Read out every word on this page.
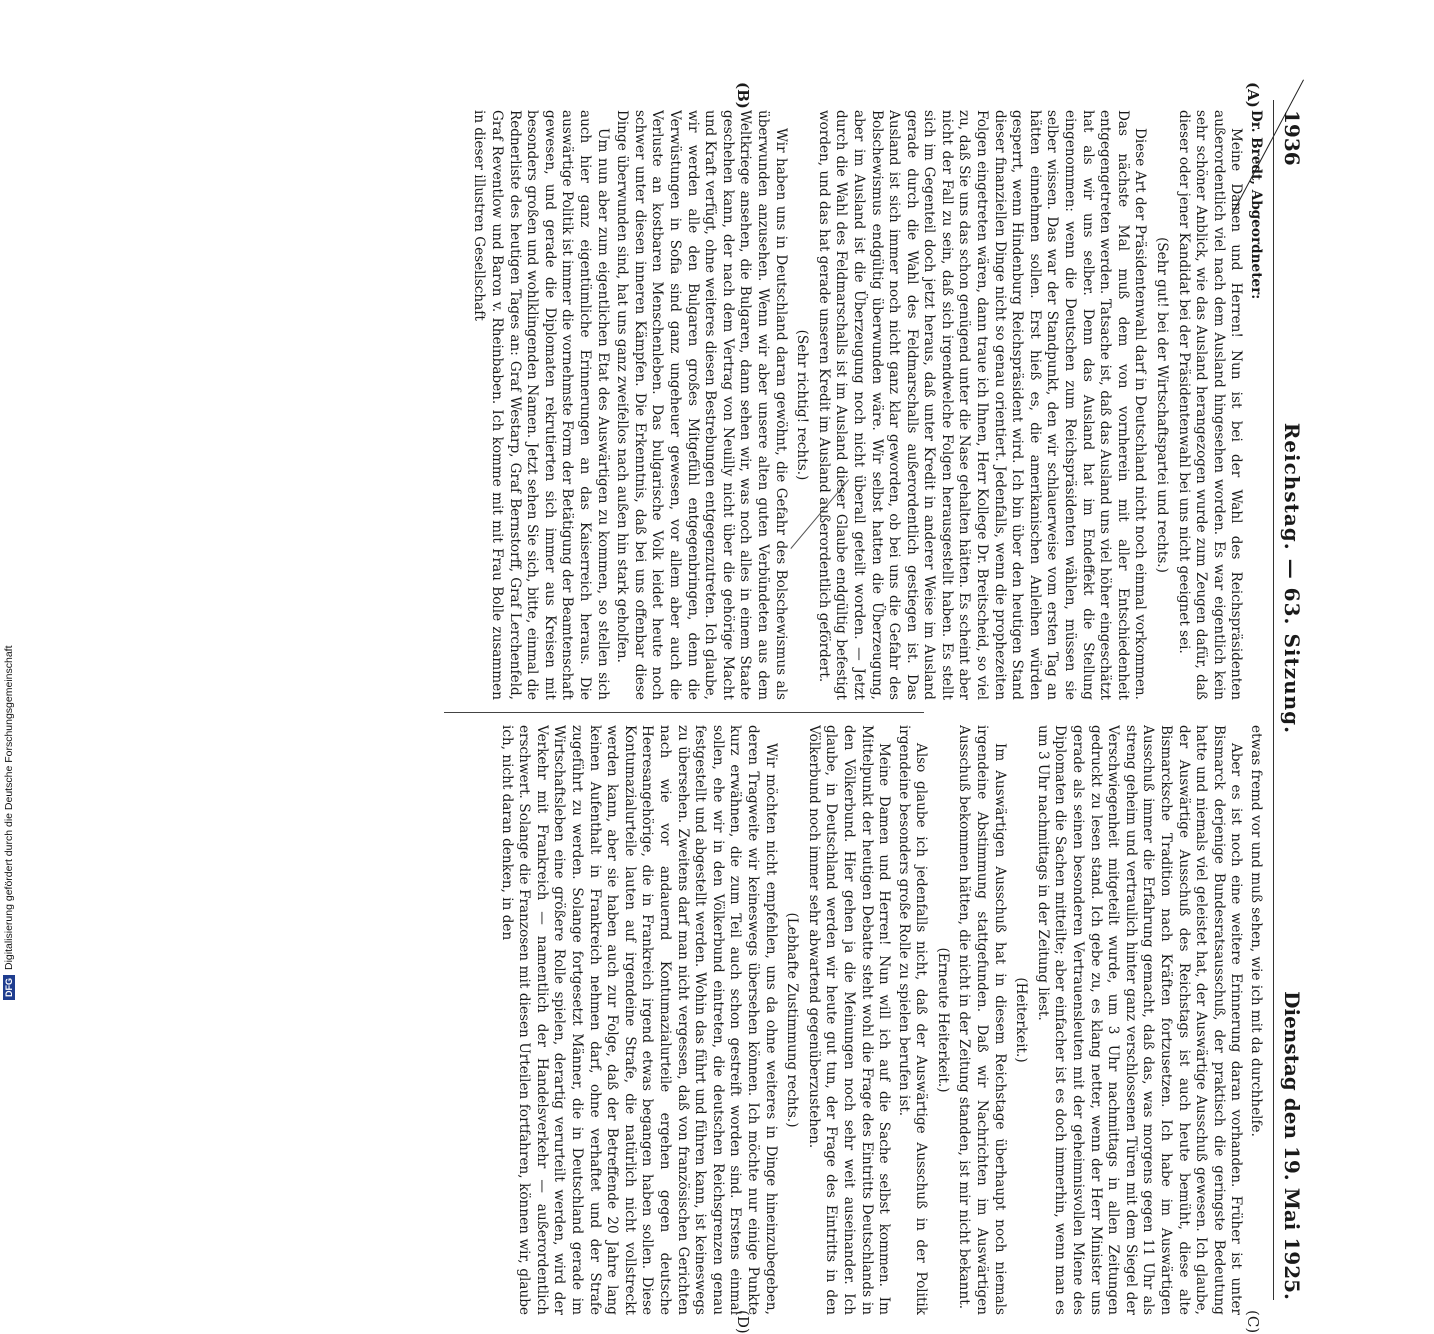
1936
Reichstag. — 63. Sitzung.
Dienstag den 19. Mai 1925.
(A)
(B)
(C)
(D)

Dr. Bredt, Abgeordneter:

Meine Damen und Herren! Nun ist bei der Wahl des Reichspräsidenten außerordentlich viel nach dem Ausland hingesehen worden. Es war eigentlich kein sehr schöner Anblick, wie das Ausland herangezogen wurde zum Zeugen dafür, daß dieser oder jener Kandidat bei der Präsidentenwahl bei uns nicht geeignet sei.

(Sehr gut! bei der Wirtschaftspartei und rechts.)

Diese Art der Präsidentenwahl darf in Deutschland nicht noch einmal vorkommen. Das nächste Mal muß dem von vornherein mit aller Entschiedenheit entgegengetreten werden. Tatsache ist, daß das Ausland uns viel höher eingeschätzt hat als wir uns selber. Denn das Ausland hat im Endeffekt die Stellung eingenommen: wenn die Deutschen zum Reichspräsidenten wählen, müssen sie selber wissen. Das war der Standpunkt, den wir schlauerweise vom ersten Tag an hätten einnehmen sollen. Erst hieß es, die amerikanischen Anleihen würden gesperrt, wenn Hindenburg Reichspräsident wird. Ich bin über den heutigen Stand dieser finanziellen Dinge nicht so genau orientiert. Jedenfalls, wenn die prophezeiten Folgen eingetreten wären, dann traue ich Ihnen, Herr Kollege Dr. Breitscheid, so viel zu, daß Sie uns das schon genügend unter die Nase gehalten hätten. Es scheint aber nicht der Fall zu sein, daß sich irgendwelche Folgen herausgestellt haben. Es stellt sich im Gegenteil doch jetzt heraus, daß unter Kredit in anderer Weise im Ausland gerade durch die Wahl des Feldmarschalls außerordentlich gestiegen ist. Das Ausland ist sich immer noch nicht ganz klar geworden, ob bei uns die Gefahr des Bolschewismus endgültig überwunden wäre. Wir selbst hatten die Überzeugung, aber im Ausland ist die Überzeugung noch nicht überall geteilt worden. — Jetzt durch die Wahl des Feldmarschalls ist im Ausland dieser Glaube endgültig befestigt worden, und das hat gerade unseren Kredit im Ausland außerordentlich gefördert.

(Sehr richtig! rechts.)

Wir haben uns in Deutschland daran gewöhnt, die Gefahr des Bolschewismus als überwunden anzusehen. Wenn wir aber unsere alten guten Verbündeten aus dem Weltkriege ansehen, die Bulgaren, dann sehen wir, was noch alles in einem Staate geschehen kann, der nach dem Vertrag von Neuilly nicht über die gehörige Macht und Kraft verfügt, ohne weiteres diesen Bestrebungen entgegenzutreten. Ich glaube, wir werden alle den Bulgaren großes Mitgefühl entgegenbringen, denn die Verwüstungen in Sofia sind ganz ungeheuer gewesen, vor allem aber auch die Verluste an kostbaren Menschenleben. Das bulgarische Volk leidet heute noch schwer unter diesen inneren Kämpfen. Die Erkenntnis, daß bei uns offenbar diese Dinge überwunden sind, hat uns ganz zweifellos nach außen hin stark geholfen.

Um nun aber zum eigentlichen Etat des Auswärtigen zu kommen, so stellen sich auch hier ganz eigentümliche Erinnerungen an das Kaiserreich heraus. Die auswärtige Politik ist immer die vornehmste Form der Betätigung der Beamtenschaft gewesen, und gerade die Diplomaten rekrutierten sich immer aus Kreisen mit besonders großen und wohlklingenden Namen. Jetzt sehen Sie sich, bitte, einmal die Rednerliste des heutigen Tages an: Graf Westarp, Graf Bernstorff, Graf Lerchenfeld, Graf Reventlow und Baron v. Rheinbaben. Ich komme mit mit Frau Bolle zusammen in dieser illustren Gesellschaft

etwas fremd vor und muß sehen, wie ich mit da durchhelfe.

Aber es ist noch eine weitere Erinnerung daran vorhanden. Früher ist unter Bismarck derjenige Bundesratsausschuß, der praktisch die geringste Bedeutung hatte und niemals viel geleistet hat, der Auswärtige Ausschuß gewesen. Ich glaube, der Auswärtige Ausschuß des Reichstags ist auch heute bemüht, diese alte Bismarcksche Tradition nach Kräften fortzusetzen. Ich habe im Auswärtigen Ausschuß immer die Erfahrung gemacht, daß das, was morgens gegen 11 Uhr als streng geheim und vertraulich hinter ganz verschlossenen Türen mit dem Siegel der Verschwiegenheit mitgeteilt wurde, um 3 Uhr nachmittags in allen Zeitungen gedruckt zu lesen stand. Ich gebe zu, es klang netter, wenn der Herr Minister uns gerade als seinen besonderen Vertrauensleuten mit der geheimnisvollen Miene des Diplomaten die Sachen mitteilte; aber einfacher ist es doch immerhin, wenn man es um 3 Uhr nachmittags in der Zeitung liest.

(Heiterkeit.)

Im Auswärtigen Ausschuß hat in diesem Reichstage überhaupt noch niemals irgendeine Abstimmung stattgefunden. Daß wir Nachrichten im Auswärtigen Ausschuß bekommen hätten, die nicht in der Zeitung standen, ist mir nicht bekannt.

(Erneute Heiterkeit.)

Also glaube ich jedenfalls nicht, daß der Auswärtige Ausschuß in der Politik irgendeine besonders große Rolle zu spielen berufen ist.

Meine Damen und Herren! Nun will ich auf die Sache selbst kommen. Im Mittelpunkt der heutigen Debatte steht wohl die Frage des Eintritts Deutschlands in den Völkerbund. Hier gehen ja die Meinungen noch sehr weit auseinander. Ich glaube, in Deutschland werden wir heute gut tun, der Frage des Eintritts in den Völkerbund noch immer sehr abwartend gegenüberzustehen.

(Lebhafte Zustimmung rechts.)

Wir möchten nicht empfehlen, uns da ohne weiteres in Dinge hineinzubegeben, deren Tragweite wir keineswegs übersehen können. Ich möchte nur einige Punkte kurz erwähnen, die zum Teil auch schon gestreift worden sind. Erstens einmal sollen, ehe wir in den Völkerbund eintreten, die deutschen Reichsgrenzen genau festgestellt und abgestellt werden. Wohin das führt und führen kann, ist keineswegs zu übersehen. Zweitens darf man nicht vergessen, daß von französischen Gerichten nach wie vor andauernd Kontumazialurteile ergehen gegen deutsche Heeresangehörige, die in Frankreich irgend etwas begangen haben sollen. Diese Kontumazialurteile lauten auf irgendeine Strafe, die natürlich nicht vollstreckt werden kann, aber sie haben auch zur Folge, daß der Betreffende 20 Jahre lang keinen Aufenthalt in Frankreich nehmen darf, ohne verhaftet und der Strafe zugeführt zu werden. Solange fortgesetzt Männer, die in Deutschland gerade im Wirtschaftsleben eine größere Rolle spielen, derartig verurteilt werden, wird der Verkehr mit Frankreich — namentlich der Handelsverkehr — außerordentlich erschwert. Solange die Franzosen mit diesen Urteilen fortfahren, können wir, glaube ich, nicht daran denken, in den

DFG
Digitalisierung gefördert durch die Deutsche Forschungsgemeinschaft
